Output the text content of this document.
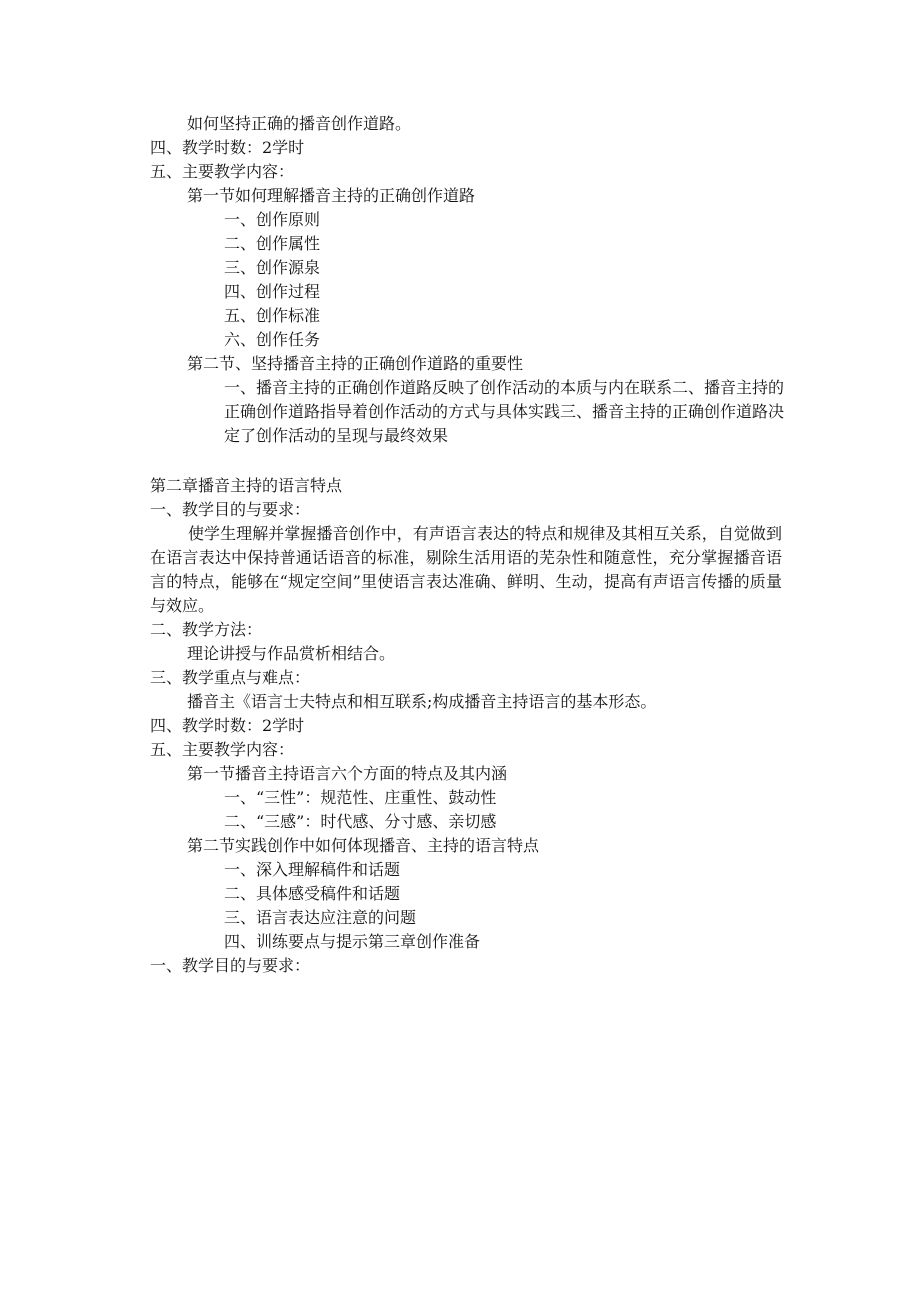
如何坚持正确的播音创作道路。
四、教学时数：2学时
五、主要教学内容：
第一节如何理解播音主持的正确创作道路
一、创作原则
二、创作属性
三、创作源泉
四、创作过程
五、创作标准
六、创作任务
第二节、坚持播音主持的正确创作道路的重要性
一、播音主持的正确创作道路反映了创作活动的本质与内在联系二、播音主持的正确创作道路指导着创作活动的方式与具体实践三、播音主持的正确创作道路决定了创作活动的呈现与最终效果
第二章播音主持的语言特点
一、教学目的与要求：
使学生理解并掌握播音创作中，有声语言表达的特点和规律及其相互关系，自觉做到在语言表达中保持普通话语音的标准，剔除生活用语的芜杂性和随意性，充分掌握播音语言的特点，能够在“规定空间”里使语言表达准确、鲜明、生动，提高有声语言传播的质量与效应。
二、教学方法：
理论讲授与作品赏析相结合。
三、教学重点与难点：
播音主《语言士夫特点和相互联系;构成播音主持语言的基本形态。
四、教学时数：2学时
五、主要教学内容：
第一节播音主持语言六个方面的特点及其内涵
一、“三性”：规范性、庄重性、鼓动性
二、“三感”：时代感、分寸感、亲切感
第二节实践创作中如何体现播音、主持的语言特点
一、深入理解稿件和话题
二、具体感受稿件和话题
三、语言表达应注意的问题
四、训练要点与提示第三章创作准备
一、教学目的与要求：
